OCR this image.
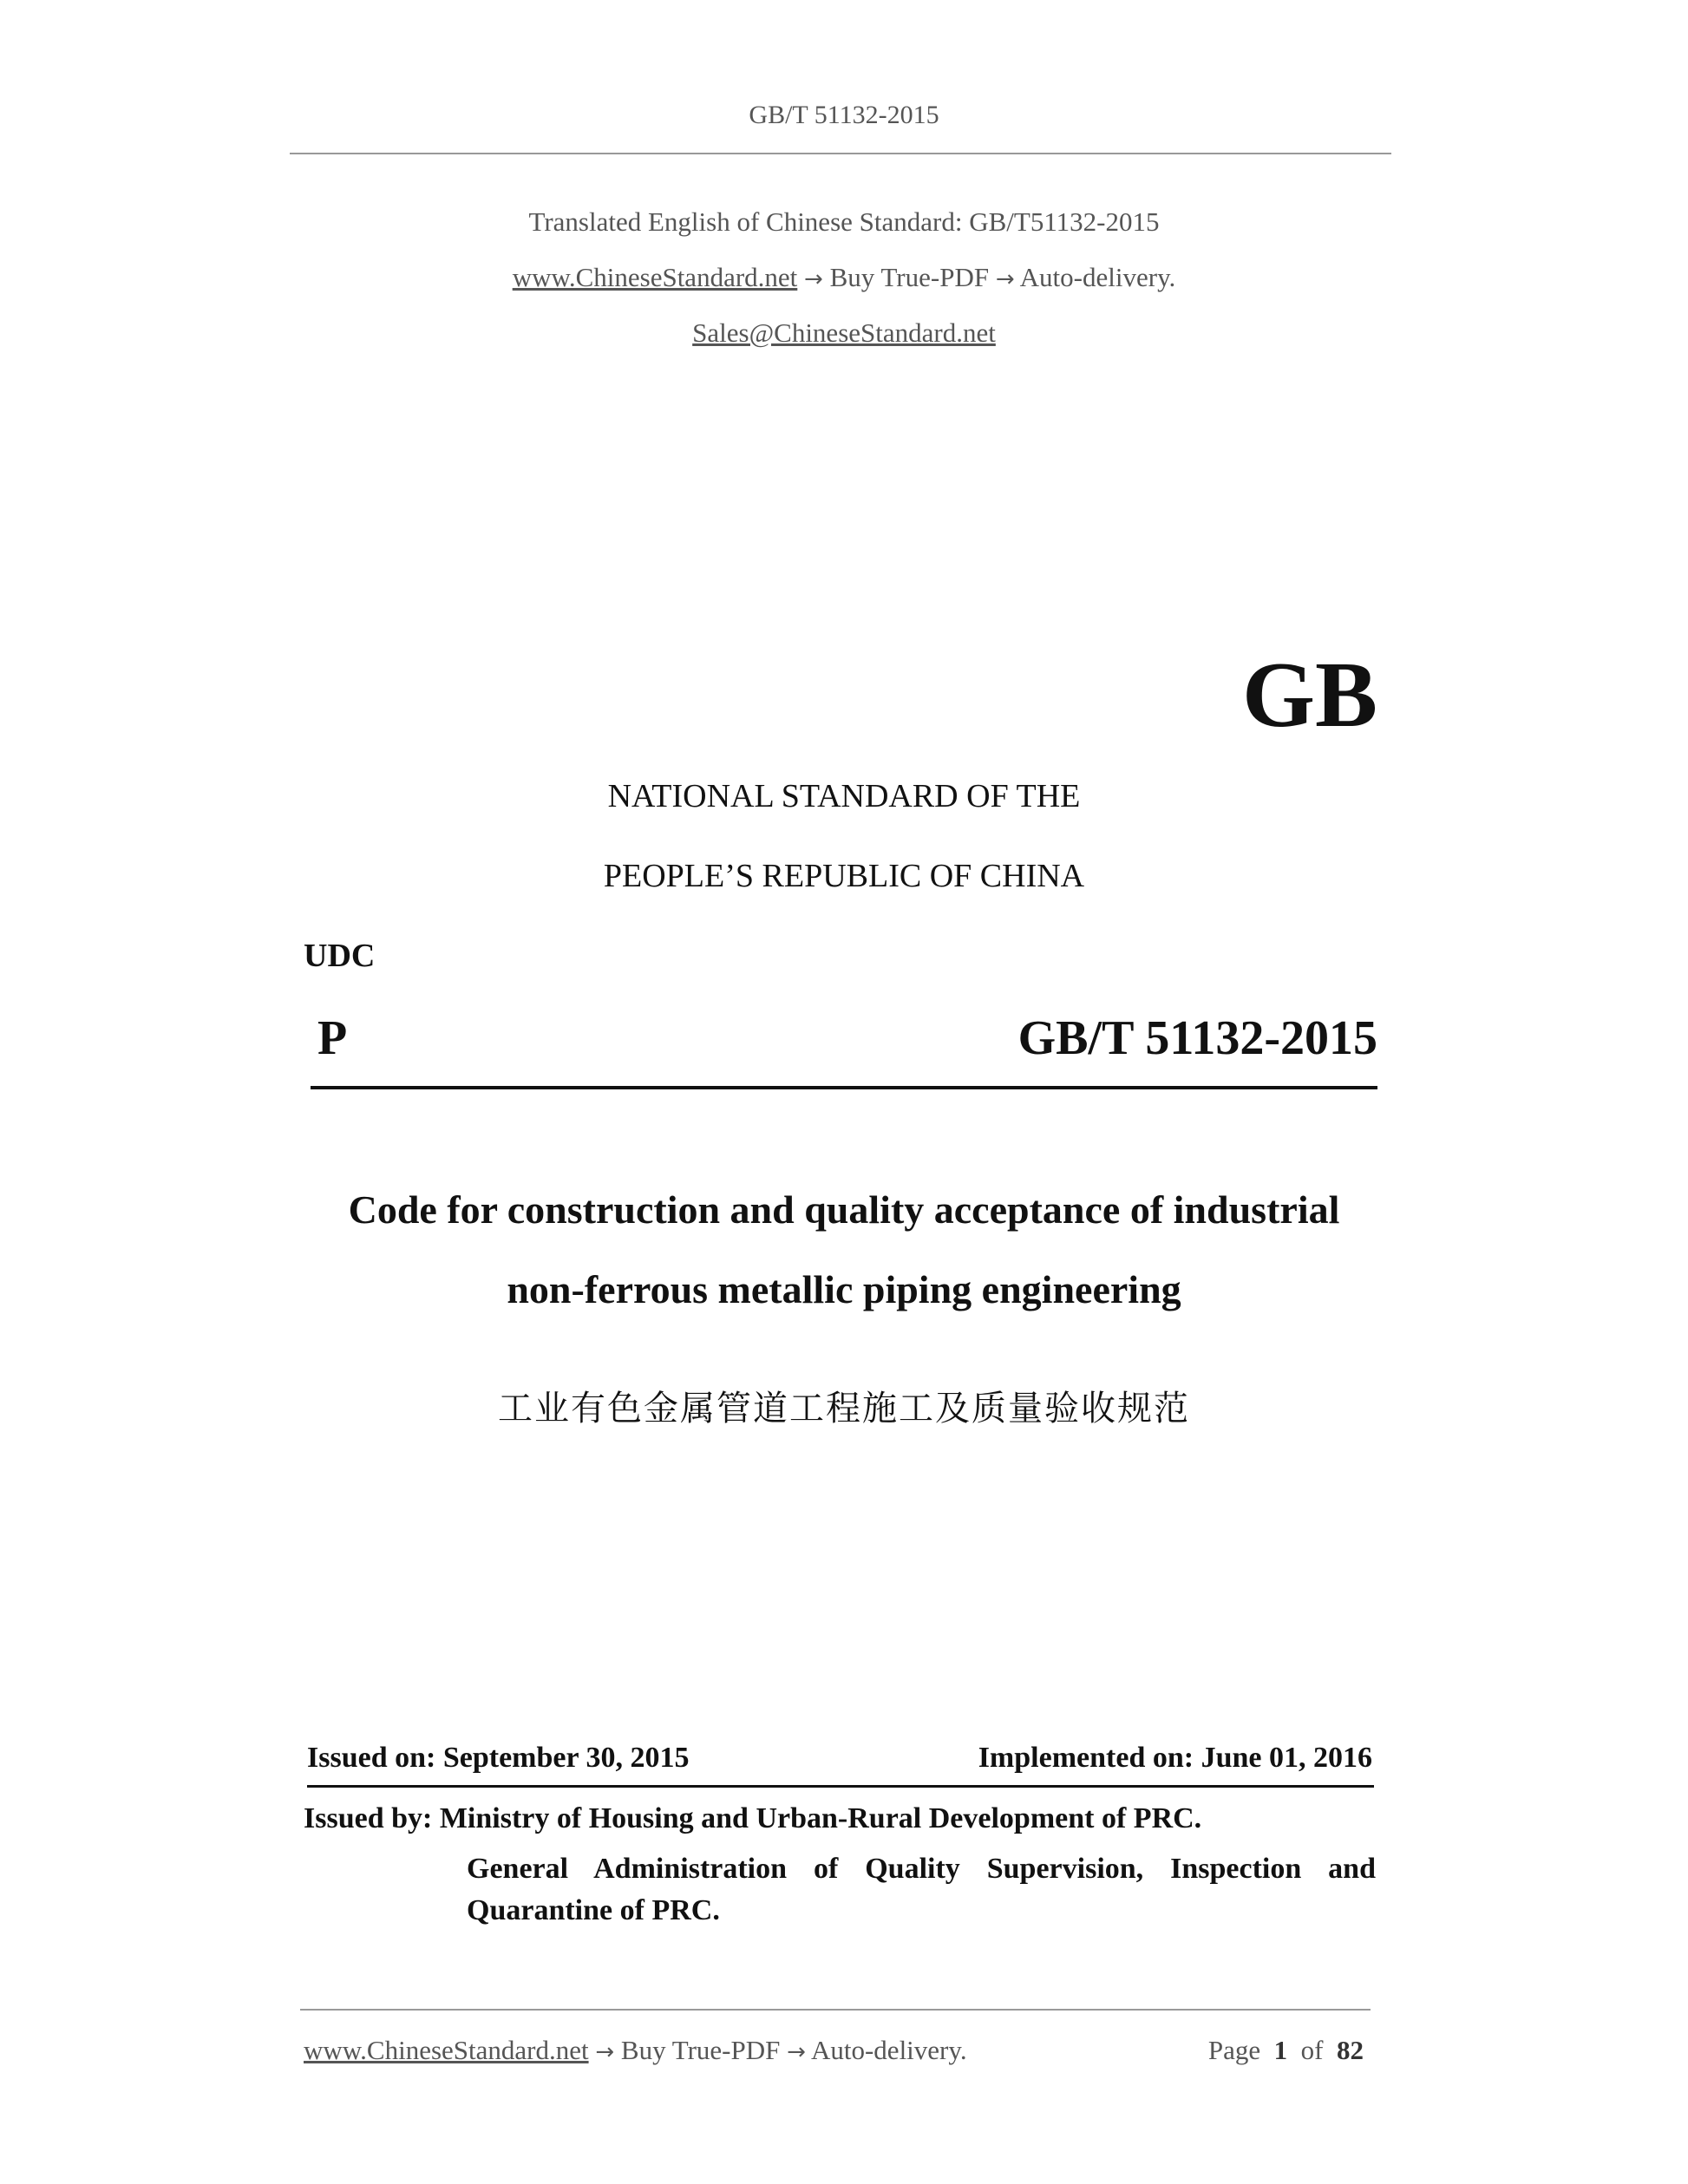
GB/T 51132-2015
Translated English of Chinese Standard: GB/T51132-2015
www.ChineseStandard.net → Buy True-PDF → Auto-delivery.
Sales@ChineseStandard.net
GB
NATIONAL STANDARD OF THE
PEOPLE’S REPUBLIC OF CHINA
UDC
P	GB/T 51132-2015
Code for construction and quality acceptance of industrial
non-ferrous metallic piping engineering
工业有色金属管道工程施工及质量验收规范
Issued on: September 30, 2015	Implemented on: June 01, 2016
Issued by: Ministry of Housing and Urban-Rural Development of PRC.
General Administration of Quality Supervision, Inspection and
Quarantine of PRC.
www.ChineseStandard.net → Buy True-PDF → Auto-delivery.	Page 1 of 82
